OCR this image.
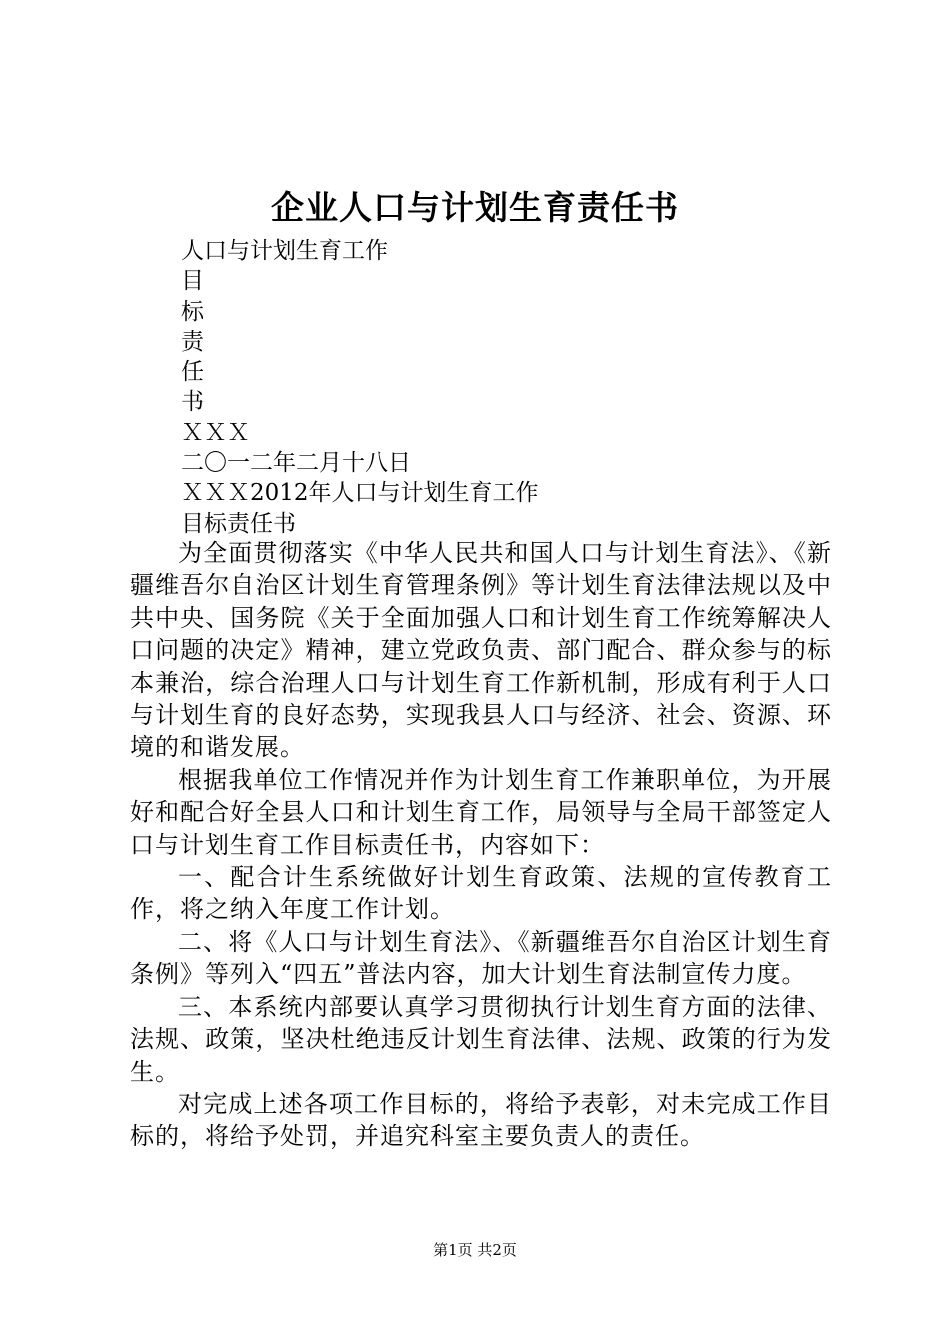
企业人口与计划生育责任书
人口与计划生育工作
目
标
责
任
书
ＸＸＸ
二〇一二年二月十八日
ＸＸＸ2012年人口与计划生育工作
目标责任书

为全面贯彻落实《中华人民共和国人口与计划生育法》、《新疆维吾尔自治区计划生育管理条例》等计划生育法律法规以及中共中央、国务院《关于全面加强人口和计划生育工作统筹解决人口问题的决定》精神，建立党政负责、部门配合、群众参与的标本兼治，综合治理人口与计划生育工作新机制，形成有利于人口与计划生育的良好态势，实现我县人口与经济、社会、资源、环境的和谐发展。

根据我单位工作情况并作为计划生育工作兼职单位，为开展好和配合好全县人口和计划生育工作，局领导与全局干部签定人口与计划生育工作目标责任书，内容如下：

一、配合计生系统做好计划生育政策、法规的宣传教育工作，将之纳入年度工作计划。

二、将《人口与计划生育法》、《新疆维吾尔自治区计划生育条例》等列入“四五”普法内容，加大计划生育法制宣传力度。

三、本系统内部要认真学习贯彻执行计划生育方面的法律、法规、政策，坚决杜绝违反计划生育法律、法规、政策的行为发生。

对完成上述各项工作目标的，将给予表彰，对未完成工作目标的，将给予处罚，并追究科室主要负责人的责任。

第1页 共2页
